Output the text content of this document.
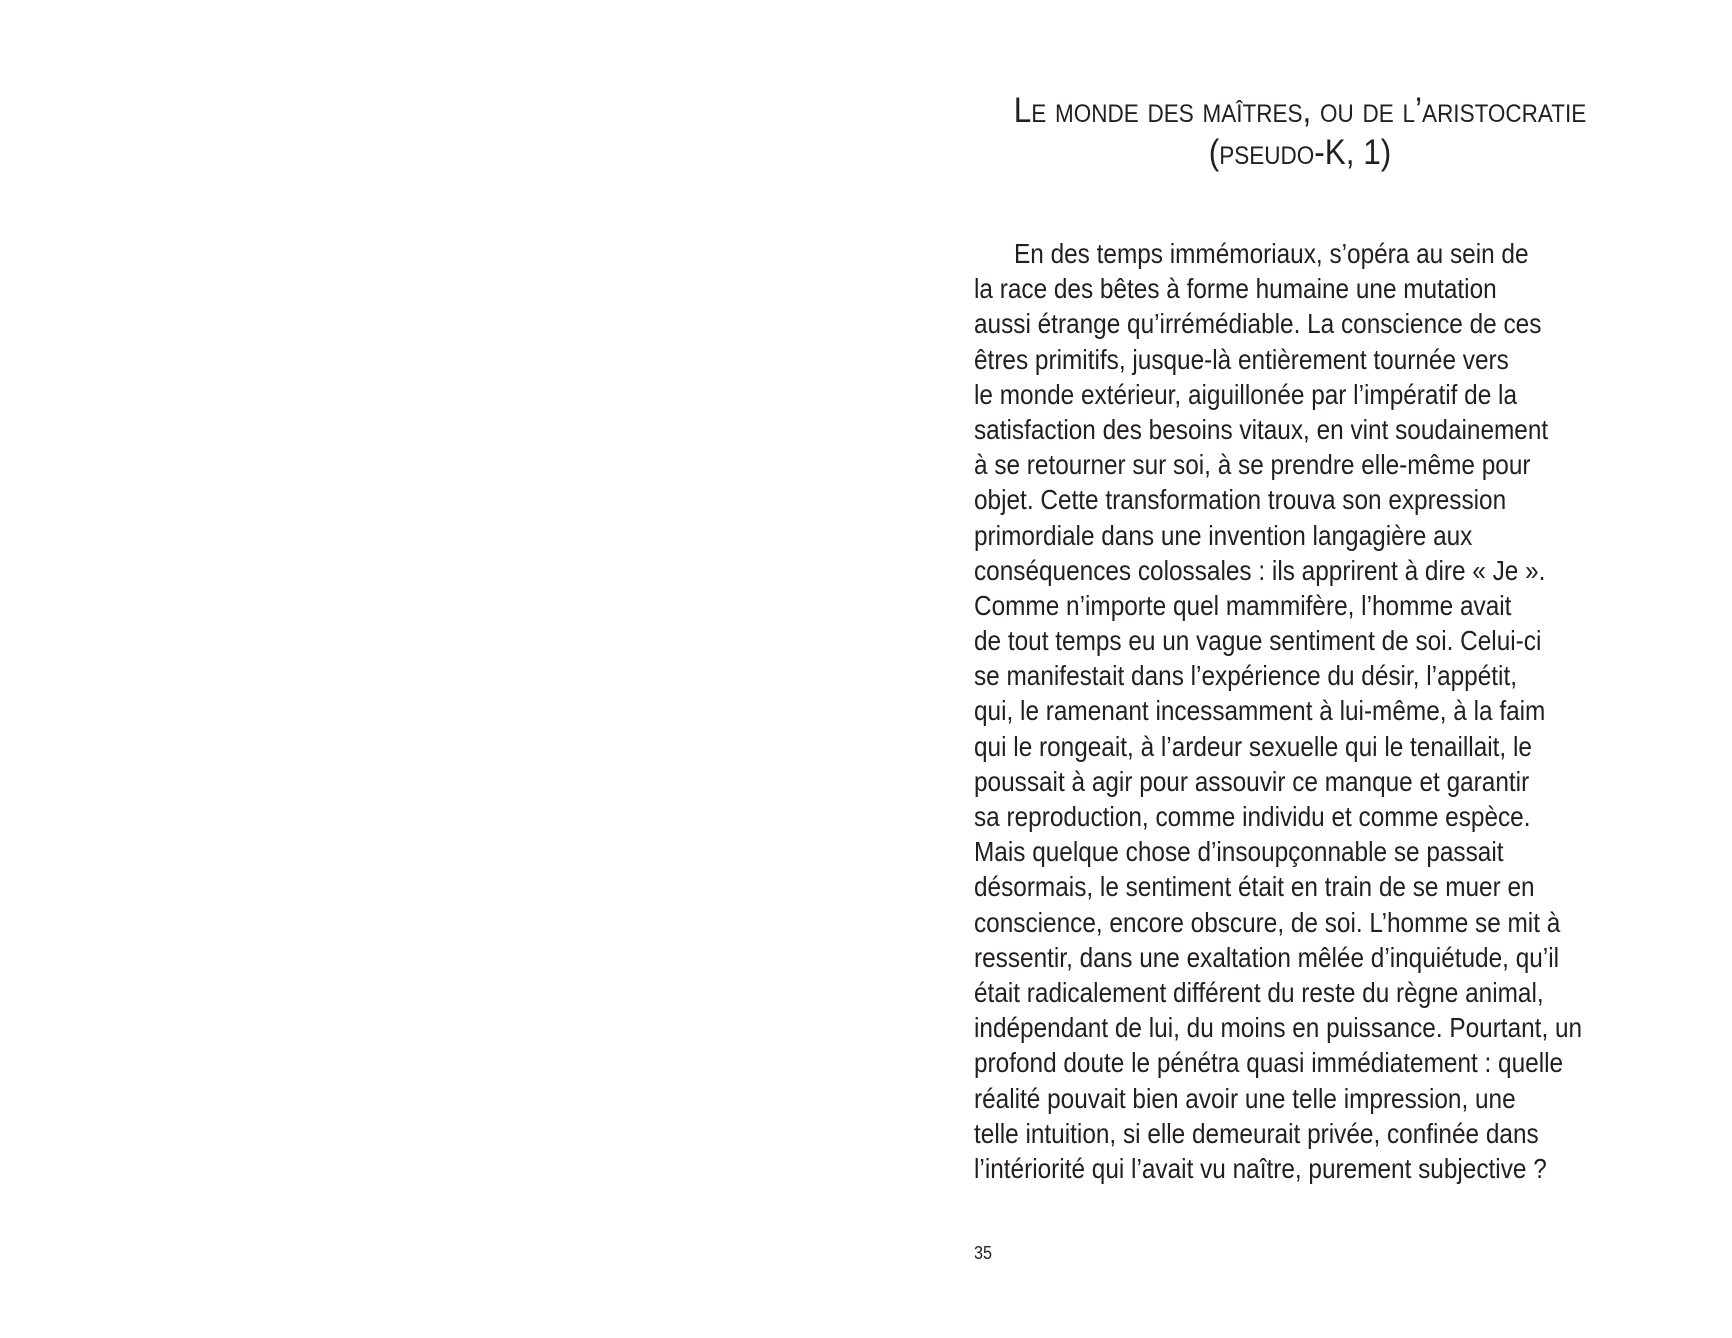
Le monde des maîtres, ou de l’aristocratie
(pseudo-K, 1)
En des temps immémoriaux, s’opéra au sein de
la race des bêtes à forme humaine une mutation
aussi étrange qu’irrémédiable. La conscience de ces
êtres primitifs, jusque-là entièrement tournée vers
le monde extérieur, aiguillonée par l’impératif de la
satisfaction des besoins vitaux, en vint soudainement
à se retourner sur soi, à se prendre elle-même pour
objet. Cette transformation trouva son expression
primordiale dans une invention langagière aux
conséquences colossales : ils apprirent à dire « Je ».
Comme n’importe quel mammifère, l’homme avait
de tout temps eu un vague sentiment de soi. Celui-ci
se manifestait dans l’expérience du désir, l’appétit,
qui, le ramenant incessamment à lui-même, à la faim
qui le rongeait, à l’ardeur sexuelle qui le tenaillait, le
poussait à agir pour assouvir ce manque et garantir
sa reproduction, comme individu et comme espèce.
Mais quelque chose d’insoupçonnable se passait
désormais, le sentiment était en train de se muer en
conscience, encore obscure, de soi. L’homme se mit à
ressentir, dans une exaltation mêlée d’inquiétude, qu’il
était radicalement différent du reste du règne animal,
indépendant de lui, du moins en puissance. Pourtant, un
profond doute le pénétra quasi immédiatement : quelle
réalité pouvait bien avoir une telle impression, une
telle intuition, si elle demeurait privée, confinée dans
l’intériorité qui l’avait vu naître, purement subjective ?
35
